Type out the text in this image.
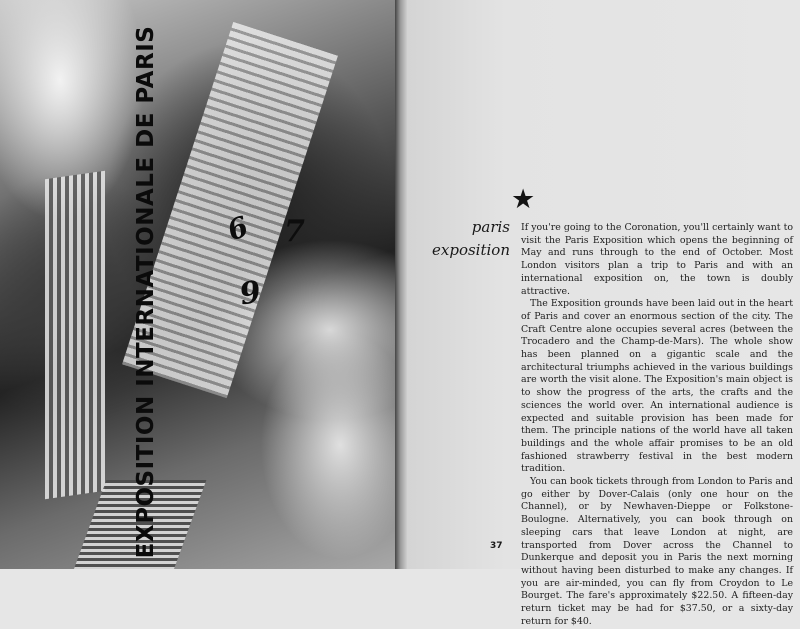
EXPOSITION INTERNATIONALE DE PARIS 6 7
9
★
paris
exposition

If you're going to the Coronation, you'll certainly want to visit the Paris Exposition which opens the beginning of May and runs through to the end of October. Most London visitors plan a trip to Paris and with an international exposition on, the town is doubly attractive.

The Exposition grounds have been laid out in the heart of Paris and cover an enormous section of the city. The Craft Centre alone occupies several acres (between the Trocadero and the Champ-de-Mars). The whole show has been planned on a gigantic scale and the architectural triumphs achieved in the various buildings are worth the visit alone. The Exposition's main object is to show the progress of the arts, the crafts and the sciences the world over. An international audience is expected and suitable provision has been made for them. The principle nations of the world have all taken buildings and the whole affair promises to be an old fashioned strawberry festival in the best modern tradition.

You can book tickets through from London to Paris and go either by Dover-Calais (only one hour on the Channel), or by Newhaven-Dieppe or Folkstone-Boulogne. Alternatively, you can book through on sleeping cars that leave London at night, are transported from Dover across the Channel to Dunkerque and deposit you in Paris the next morning without having been disturbed to make any changes. If you are air-minded, you can fly from Croydon to Le Bourget. The fare's approximately $22.50. A fifteen-day return ticket may be had for $37.50, or a sixty-day return for $40.

37
